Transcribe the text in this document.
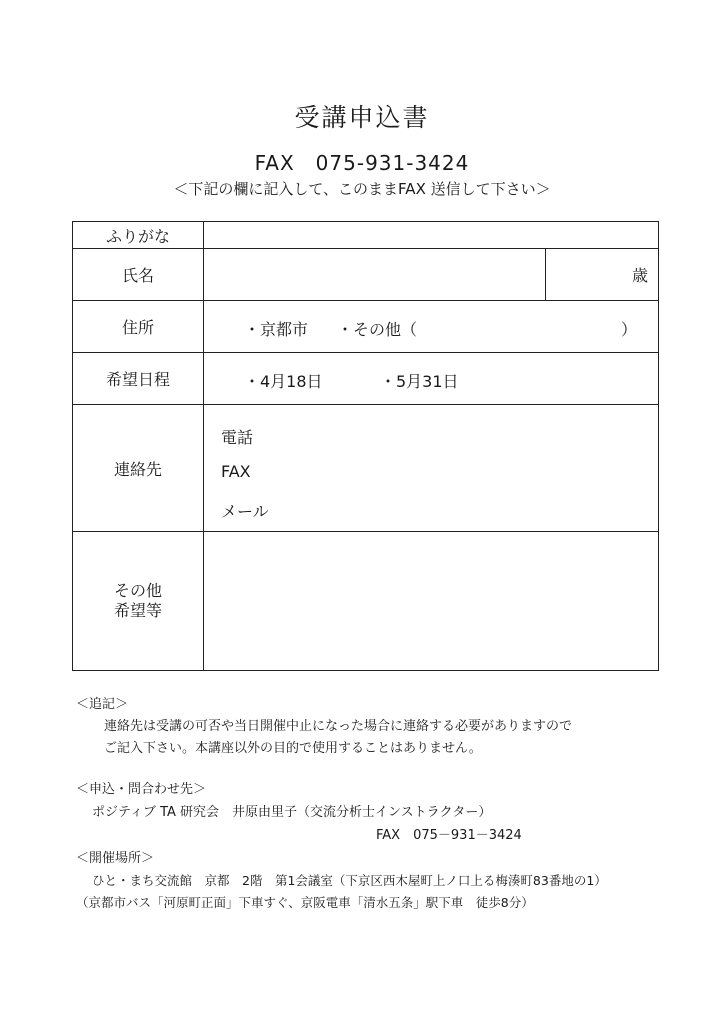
受講申込書
FAX　075-931-3424
＜下記の欄に記入して、このままFAX 送信して下さい＞
ふりがな		
氏名		歳
住所	・京都市 ・その他（ ）	

希望日程	・4月18日 ・5月31日	

連絡先	電話
FAX
メール	

その他
希望等		

＜追記＞
連絡先は受講の可否や当日開催中止になった場合に連絡する必要がありますので
ご記入下さい。本講座以外の目的で使用することはありません。
＜申込・問合わせ先＞
ポジティブ TA 研究会　井原由里子（交流分析士インストラクター）
FAX　075－931－3424
＜開催場所＞
ひと・まち交流館　京都　2階　第1会議室（下京区西木屋町上ノ口上る梅湊町83番地の1）
（京都市バス「河原町正面」下車すぐ、京阪電車「清水五条」駅下車　徒歩8分）
